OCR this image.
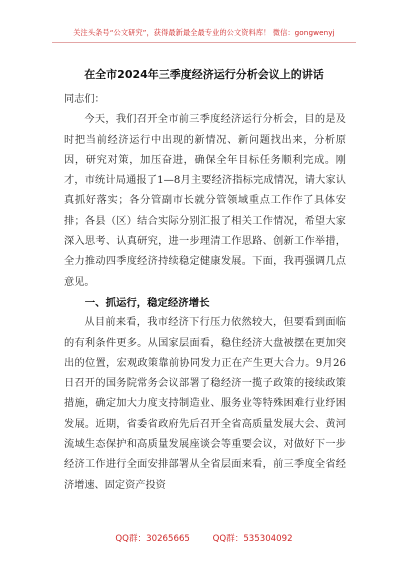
关注头条号“公文研究”，获得最新最全最专业的公文资料库！ 微信：gongwenyj
在全市2024年三季度经济运行分析会议上的讲话

同志们：

今天，我们召开全市前三季度经济运行分析会，目的是及时把当前经济运行中出现的新情况、新问题找出来，分析原因，研究对策，加压奋进，确保全年目标任务顺利完成。刚才，市统计局通报了1—8月主要经济指标完成情况，请大家认真抓好落实；各分管副市长就分管领域重点工作作了具体安排；各县（区）结合实际分别汇报了相关工作情况，希望大家深入思考、认真研究，进一步理清工作思路、创新工作举措，全力推动四季度经济持续稳定健康发展。下面，我再强调几点意见。

一、抓运行，稳定经济增长

从目前来看，我市经济下行压力依然较大，但要看到面临的有利条件更多。从国家层面看，稳住经济大盘被摆在更加突出的位置，宏观政策靠前协同发力正在产生更大合力。9月26日召开的国务院常务会议部署了稳经济一揽子政策的接续政策措施，确定加大力度支持制造业、服务业等特殊困难行业纾困发展。近期，省委省政府先后召开全省高质量发展大会、黄河流域生态保护和高质量发展座谈会等重要会议，对做好下一步经济工作进行全面安排部署从全省层面来看，前三季度全省经济增速、固定资产投资

QQ群：30265665	QQ群：535304092
